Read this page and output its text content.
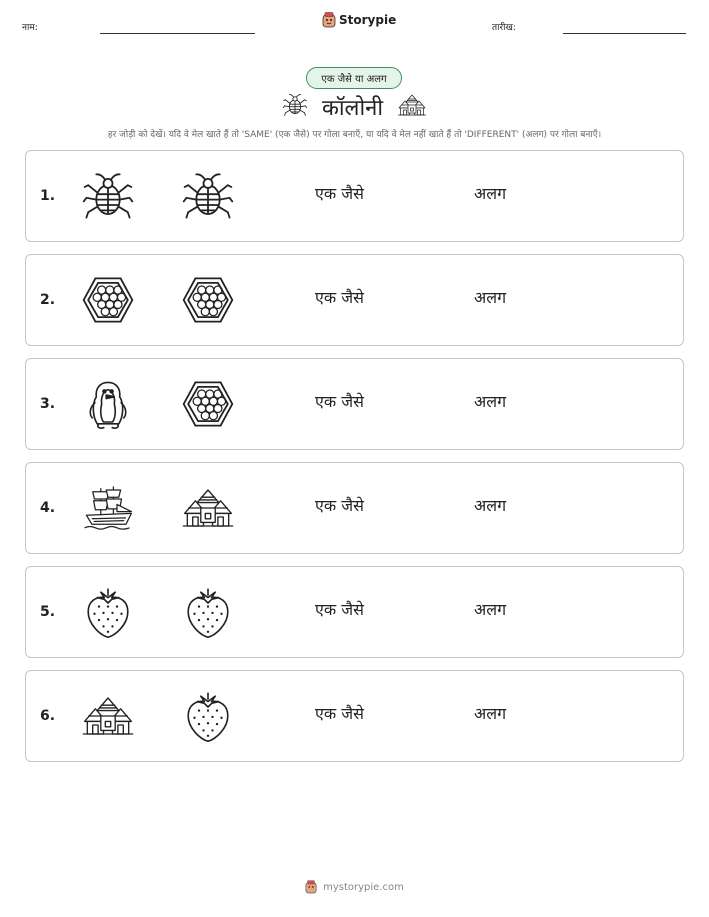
नाम:
Storypie
तारीख:
एक जैसे या अलग
कॉलोनी
हर जोड़ी को देखें। यदि वे मेल खाते हैं तो 'SAME' (एक जैसे) पर गोला बनाएँ, या यदि वे मेल नहीं खाते हैं तो 'DIFFERENT' (अलग) पर गोला बनाएँ।
1.	एक जैसे	अलग
2.	एक जैसे	अलग
3.	एक जैसे	अलग
4.	एक जैसे	अलग
5.	एक जैसे	अलग
6.	एक जैसे	अलग
mystorypie.com
